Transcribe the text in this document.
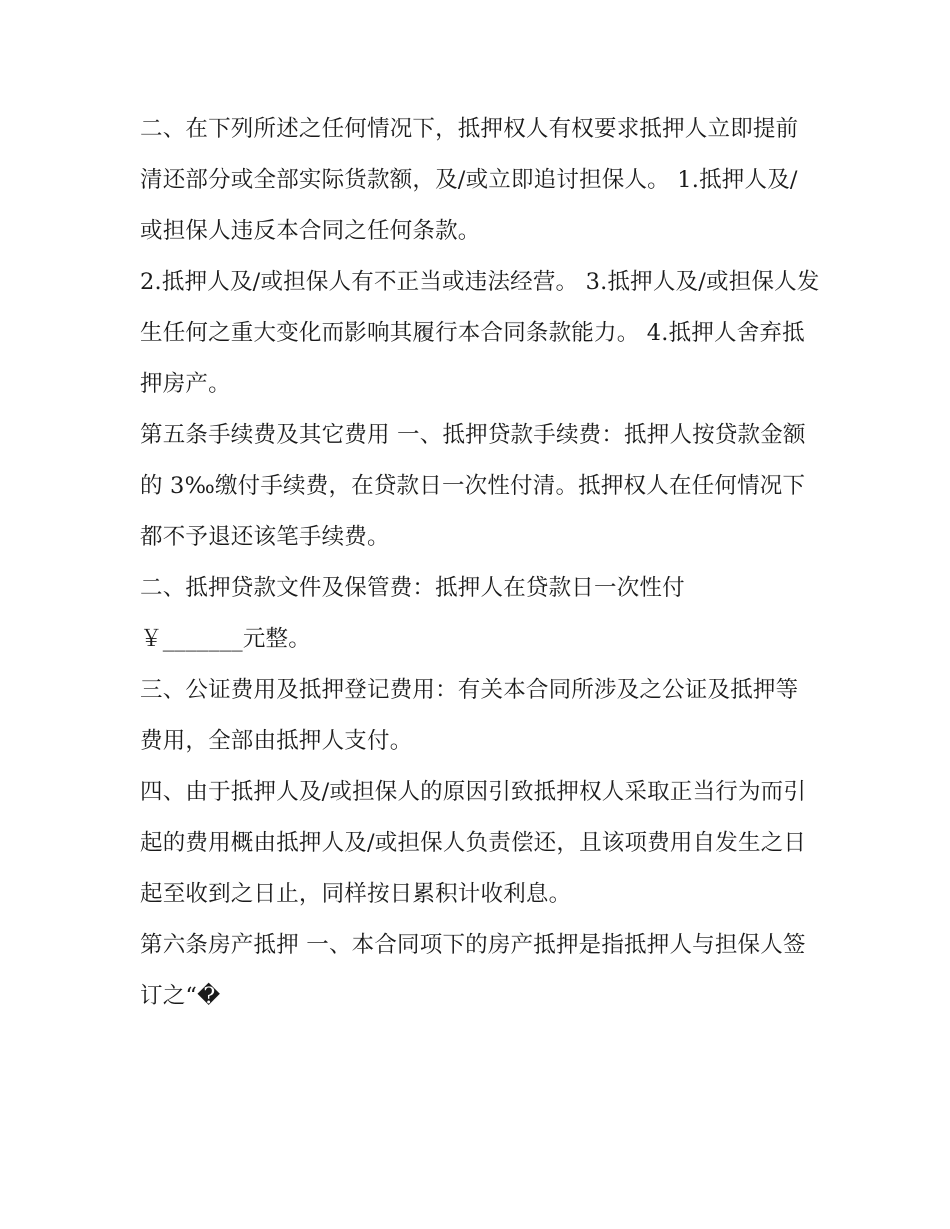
二、在下列所述之任何情况下，抵押权人有权要求抵押人立即提前清还部分或全部实际货款额，及/或立即追讨担保人。 1.抵押人及/或担保人违反本合同之任何条款。

2.抵押人及/或担保人有不正当或违法经营。 3.抵押人及/或担保人发生任何之重大变化而影响其履行本合同条款能力。 4.抵押人舍弃抵押房产。

第五条手续费及其它费用 一、抵押贷款手续费：抵押人按贷款金额的 3‰缴付手续费，在贷款日一次性付清。抵押权人在任何情况下都不予退还该笔手续费。

二、抵押贷款文件及保管费：抵押人在贷款日一次性付

￥_______元整。

三、公证费用及抵押登记费用：有关本合同所涉及之公证及抵押等费用，全部由抵押人支付。

四、由于抵押人及/或担保人的原因引致抵押权人采取正当行为而引起的费用概由抵押人及/或担保人负责偿还，且该项费用自发生之日起至收到之日止，同样按日累积计收利息。

第六条房产抵押 一、本合同项下的房产抵押是指抵押人与担保人签订之“�
